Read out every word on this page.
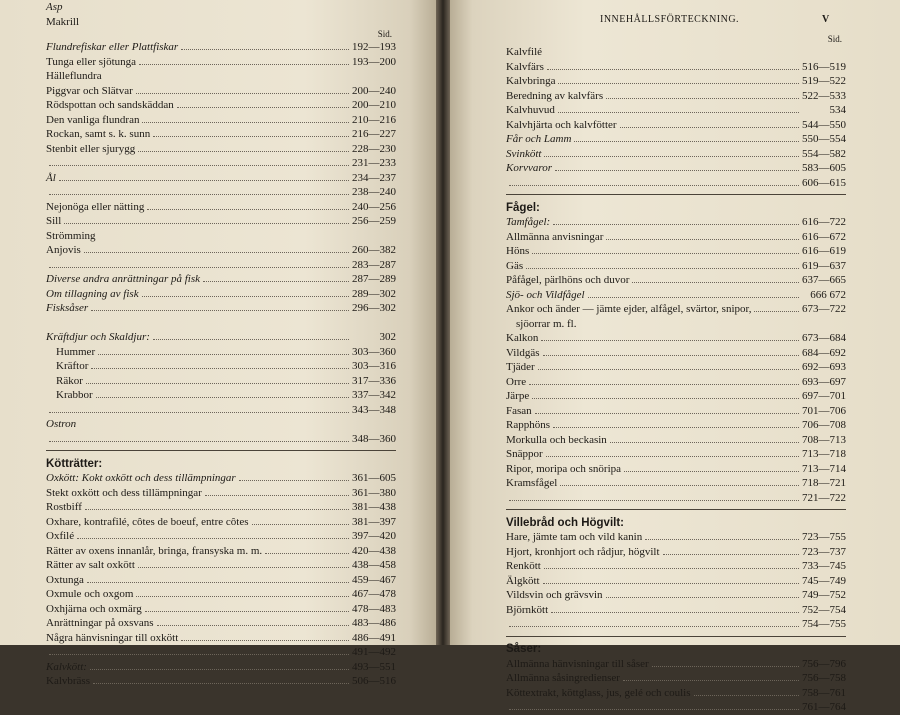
Asp
Makrill
Sid.
Flundrefiskar eller Plattfiskar	192—193
Tunga eller sjötunga	193—200
Hälleflundra
Piggvar och Slätvar	200—240
Rödspottan och sandskäddan	200—210
Den vanliga flundran	210—216
Rockan, samt s. k. sunn	216—227
Stenbit eller sjurygg	228—230
231—233
Ål	234—237
238—240
Nejonöga eller nätting	240—256
Sill	256—259
Strömming
Anjovis	260—382
283—287
Diverse andra anrättningar på fisk	287—289
Om tillagning av fisk	289—302
Fisksåser	296—302
Kräftdjur och Skaldjur:	302
Hummer	303—360
Kräftor	303—316
Räkor	317—336
Krabbor	337—342
343—348
Ostron
348—360
Kötträtter:
Oxkött: Kokt oxkött och dess tillämpningar	361—605
Stekt oxkött och dess tillämpningar	361—380
Rostbiff	381—438
Oxhare, kontrafilé, côtes de boeuf, entre côtes	381—397
Oxfilé	397—420
Rätter av oxens innanlår, bringa, fransyska m. m.	420—438
Rätter av salt oxkött	438—458
Oxtunga	459—467
Oxmule och oxgom	467—478
Oxhjärna och oxmärg	478—483
Anrättningar på oxsvans	483—486
Några hänvisningar till oxkött	486—491
491—492
Kalvkött:	493—551
Kalvbräss	506—516
INNEHÅLLSFÖRTECKNING.	V
Sid.
Kalvfilé
Kalvfärs	516—519
Kalvbringa	519—522
Beredning av kalvfärs	522—533
Kalvhuvud	534
Kalvhjärta och kalvfötter	544—550
Får och Lamm	550—554
Svinkött	554—582
Korvvaror	583—605
606—615
Fågel:
Tamfågel:	616—722
Allmänna anvisningar	616—672
Höns	616—619
Gäs	619—637
Påfågel, pärlhöns och duvor	637—665
Sjö- och Vildfågel	666 672
Ankor och änder — jämte ejder, alfågel, svärtor, snipor,	673—722
sjöorrar m. fl.
Kalkon	673—684
Vildgäs	684—692
Tjäder	692—693
Orre	693—697
Järpe	697—701
Fasan	701—706
Rapphöns	706—708
Morkulla och beckasin	708—713
Snäppor	713—718
Ripor, moripa och snöripa	713—714
Kramsfågel	718—721
721—722
Villebråd och Högvilt:
Hare, jämte tam och vild kanin	723—755
Hjort, kronhjort och rådjur, högvilt	723—737
Renkött	733—745
Älgkött	745—749
Vildsvin och grävsvin	749—752
Björnkött	752—754
754—755
Såser:
Allmänna hänvisningar till såser	756—796
Allmänna såsingredienser	756—758
Köttextrakt, köttglass, jus, gelé och coulis	758—761
761—764
